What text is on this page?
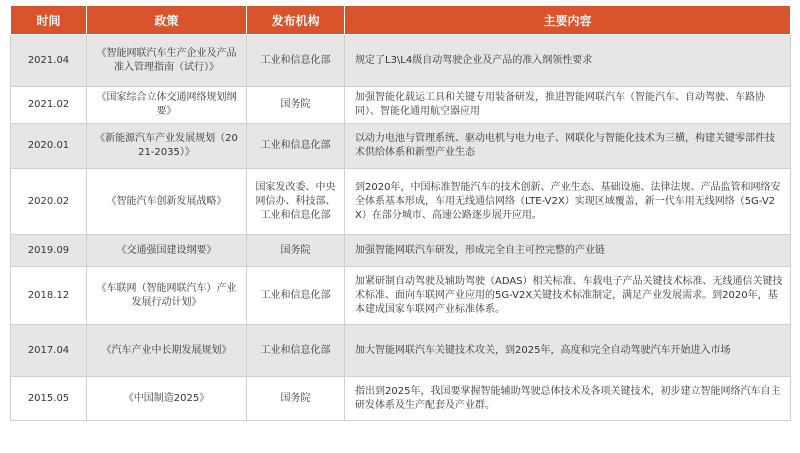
时间	政策	发布机构	主要内容
2021.04	《智能网联汽车生产企业及产品准入管理指南（试行）》	工业和信息化部	规定了L3\L4级自动驾驶企业及产品的准入纲领性要求
2021.02	《国家综合立体交通网络规划纲要》	国务院	加强智能化载运工具和关键专用装备研发，推进智能网联汽车（智能汽车、自动驾驶、车路协同）、智能化通用航空器应用
2020.01	《新能源汽车产业发展规划（2021-2035）》	工业和信息化部	以动力电池与管理系统、驱动电机与电力电子、网联化与智能化技术为三横，构建关键零部件技术供给体系和新型产业生态
2020.02	《智能汽车创新发展战略》	国家发改委、中央网信办、科技部、工业和信息化部	到2020年，中国标准智能汽车的技术创新、产业生态、基础设施、法律法规、产品监管和网络安全体系基本形成，车用无线通信网络（LTE-V2X）实现区域覆盖，新一代车用无线网络（5G-V2X）在部分城市、高速公路逐步展开应用。
2019.09	《交通强国建设纲要》	国务院	加强智能网联汽车研发，形成完全自主可控完整的产业链
2018.12	《车联网（智能网联汽车）产业发展行动计划》	工业和信息化部	加紧研制自动驾驶及辅助驾驶（ADAS）相关标准、车载电子产品关键技术标准、无线通信关键技术标准、面向车联网产业应用的5G-V2X关键技术标准制定，满足产业发展需求。到2020年，基本建成国家车联网产业标准体系。
2017.04	《汽车产业中长期发展规划》	工业和信息化部	加大智能网联汽车关键技术攻关，到2025年，高度和完全自动驾驶汽车开始进入市场
2015.05	《中国制造2025》	国务院	指出到2025年，我国要掌握智能辅助驾驶总体技术及各项关键技术，初步建立智能网络汽车自主研发体系及生产配套及产业群。
